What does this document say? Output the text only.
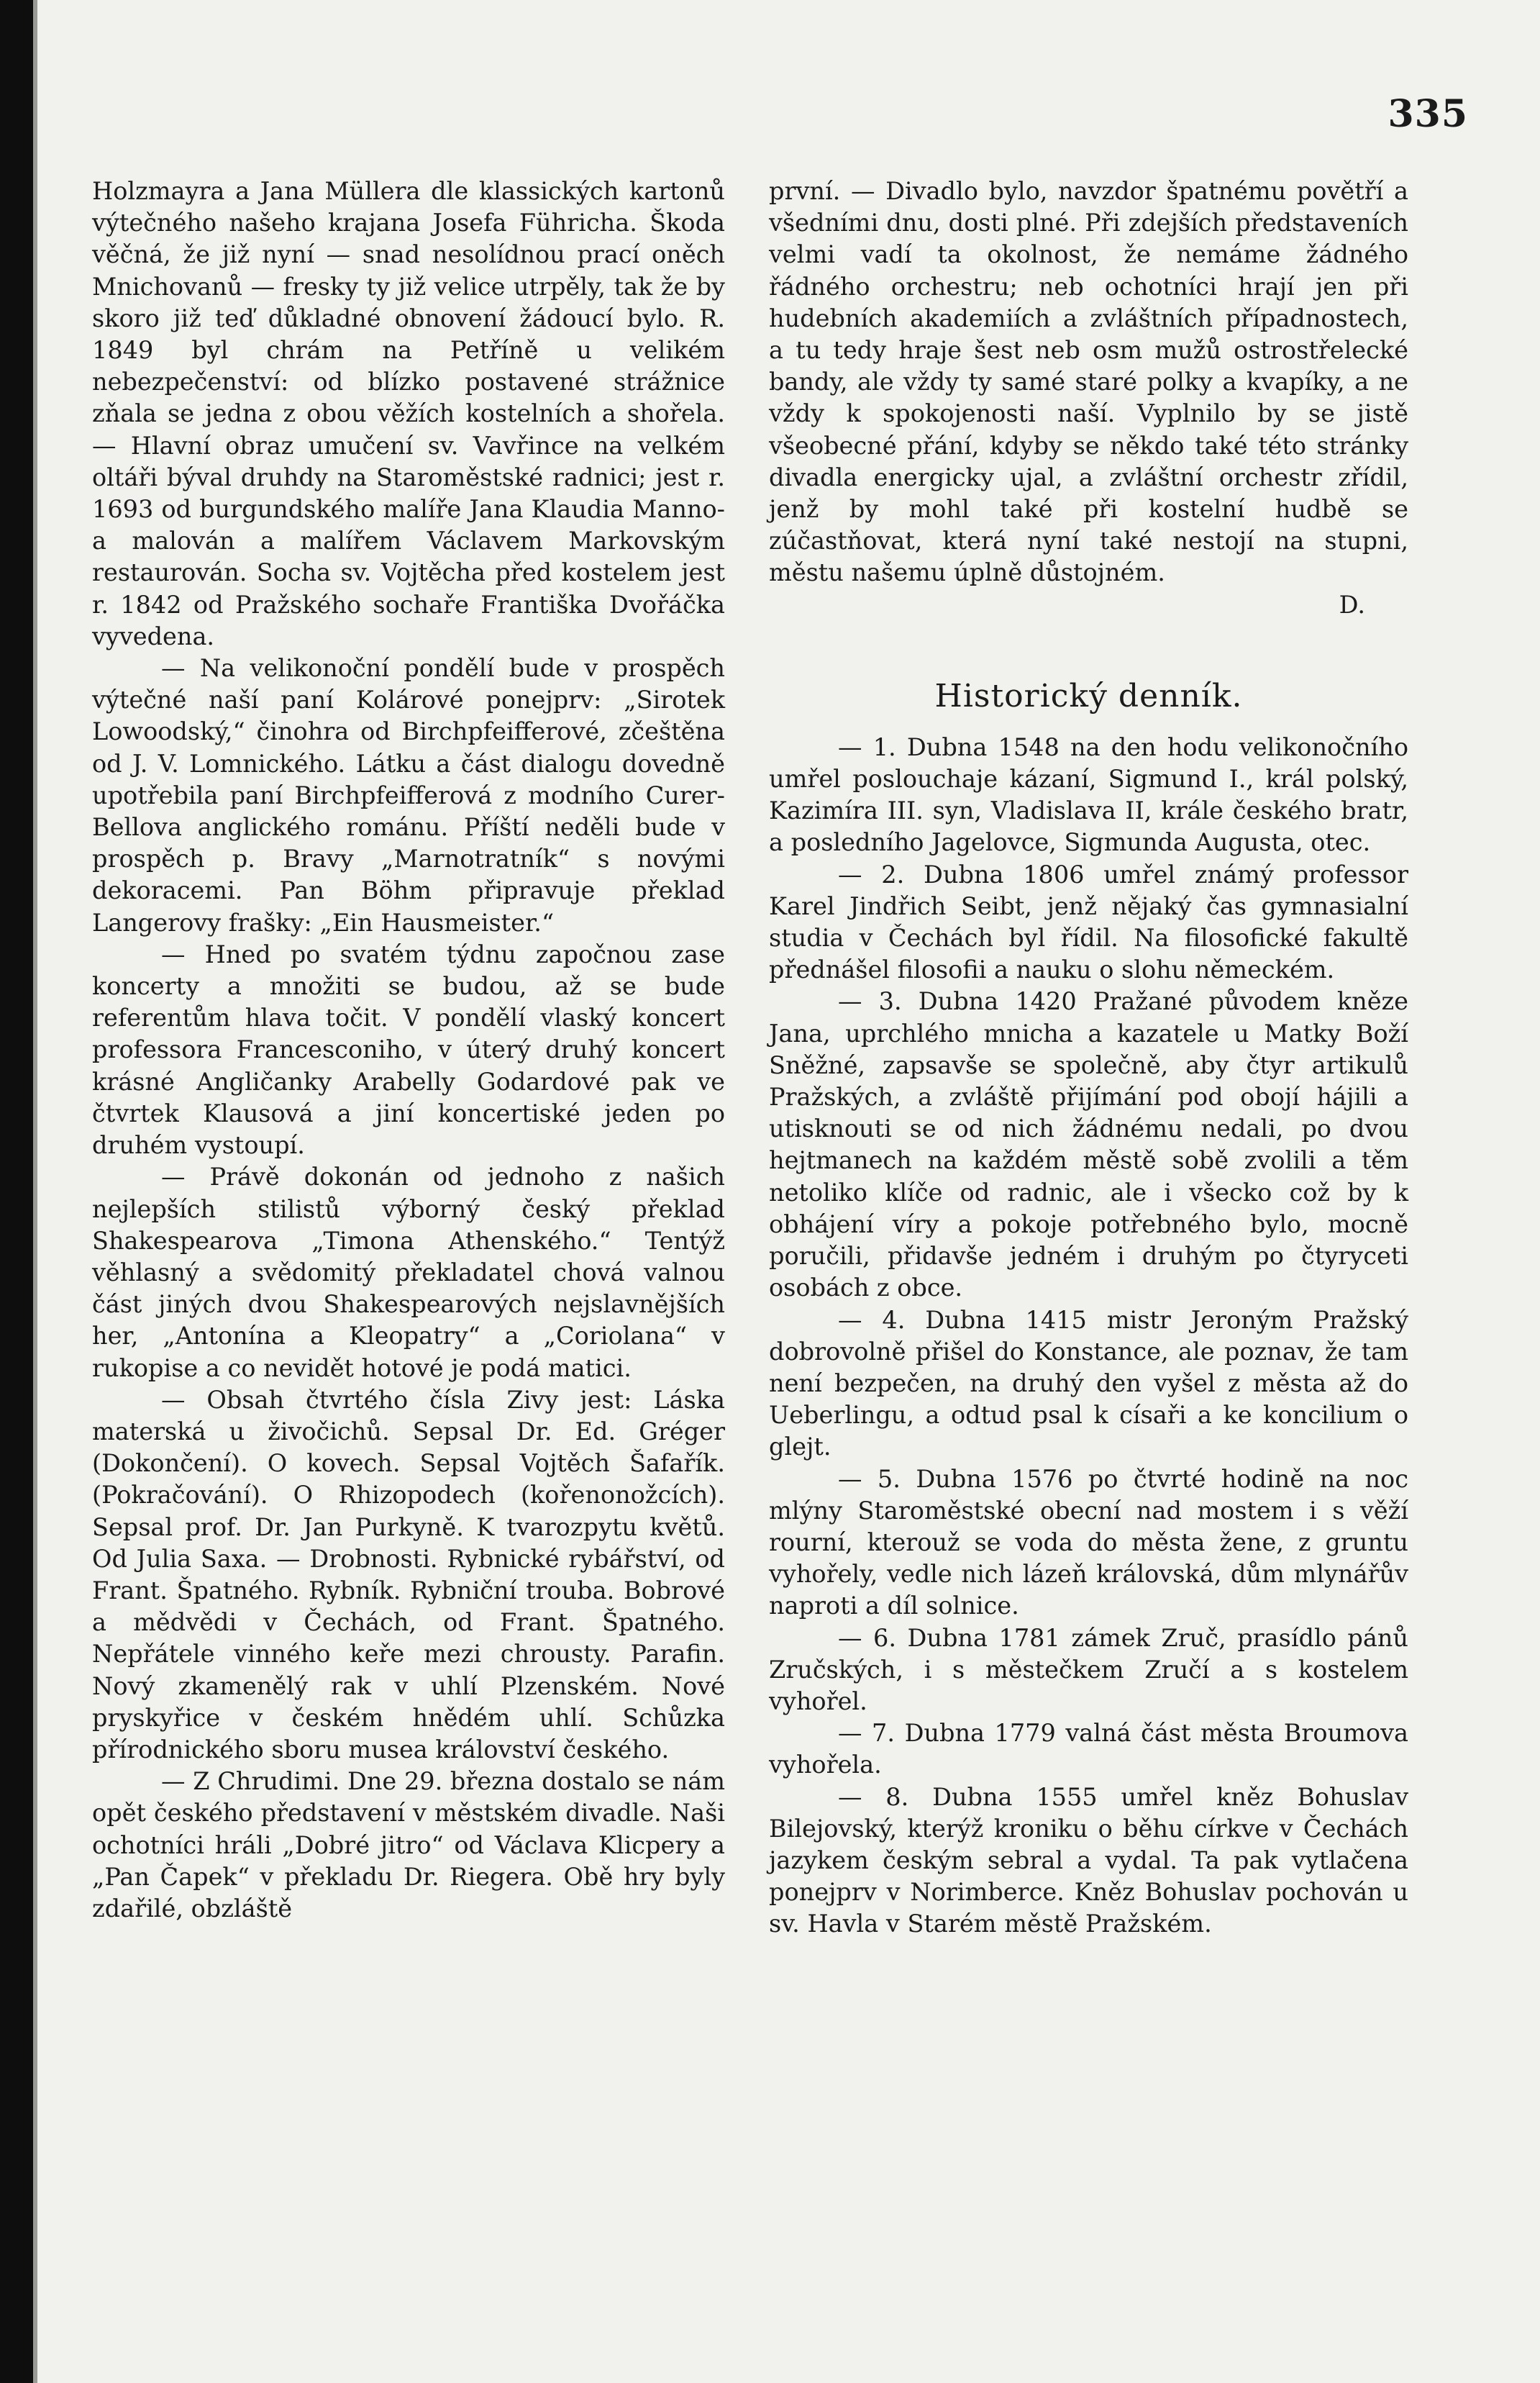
335

Holzmayra a Jana Müllera dle klassických kartonů výtečného našeho krajana Josefa Führicha. Škoda věčná, že již nyní — snad nesolídnou prací oněch Mnichovanů — fresky ty již velice utrpěly, tak že by skoro již teď důkladné obnovení žádoucí bylo. R. 1849 byl chrám na Petříně u velikém nebezpečenství: od blízko postavené strážnice zňala se jedna z obou věžích kostelních a shořela. — Hlavní obraz umučení sv. Vavřince na velkém oltáři býval druhdy na Staroměstské radnici; jest r. 1693 od burgundského malíře Jana Klaudia Manno-a malován a malířem Václavem Markovským restaurován. Socha sv. Vojtěcha před kostelem jest r. 1842 od Pražského sochaře Františka Dvořáčka vyvedena.

— Na velikonoční pondělí bude v prospěch výtečné naší paní Kolárové ponejprv: „Sirotek Lowoodský,“ činohra od Birchpfeifferové, zčeštěna od J. V. Lomnického. Látku a část dialogu dovedně upotřebila paní Birchpfeifferová z modního Curer-Bellova anglického románu. Příští neděli bude v prospěch p. Bravy „Marnotratník“ s novými dekoracemi. Pan Böhm připravuje překlad Langerovy frašky: „Ein Hausmeister.“

— Hned po svatém týdnu započnou zase koncerty a množiti se budou, až se bude referentům hlava točit. V pondělí vlaský koncert professora Francesconiho, v úterý druhý koncert krásné Angličanky Arabelly Godardové pak ve čtvrtek Klausová a jiní koncertiské jeden po druhém vystoupí.

— Právě dokonán od jednoho z našich nejlepších stilistů výborný český překlad Shakespearova „Timona Athenského.“ Tentýž věhlasný a svědomitý překladatel chová valnou část jiných dvou Shakespearových nejslavnějších her, „Antonína a Kleopatry“ a „Coriolana“ v rukopise a co nevidět hotové je podá matici.

— Obsah čtvrtého čísla Zivy jest: Láska materská u živočichů. Sepsal Dr. Ed. Gréger (Dokončení). O kovech. Sepsal Vojtěch Šafařík. (Pokračování). O Rhizopodech (kořenonožcích). Sepsal prof. Dr. Jan Purkyně. K tvarozpytu květů. Od Julia Saxa. — Drobnosti. Rybnické rybářství, od Frant. Špatného. Rybník. Rybniční trouba. Bobrové a mědvědi v Čechách, od Frant. Špatného. Nepřátele vinného keře mezi chrousty. Parafin. Nový zkamenělý rak v uhlí Plzenském. Nové pryskyřice v českém hnědém uhlí. Schůzka přírodnického sboru musea království českého.

— Z Chrudimi. Dne 29. března dostalo se nám opět českého představení v městském divadle. Naši ochotníci hráli „Dobré jitro“ od Václava Klicpery a „Pan Čapek“ v překladu Dr. Riegera. Obě hry byly zdařilé, obzláště

první. — Divadlo bylo, navzdor špatnému povětří a všedními dnu, dosti plné. Při zdejších představeních velmi vadí ta okolnost, že nemáme žádného řádného orchestru; neb ochotníci hrají jen při hudebních akademiích a zvláštních případnostech, a tu tedy hraje šest neb osm mužů ostrostřelecké bandy, ale vždy ty samé staré polky a kvapíky, a ne vždy k spokojenosti naší. Vyplnilo by se jistě všeobecné přání, kdyby se někdo také této stránky divadla energicky ujal, a zvláštní orchestr zřídil, jenž by mohl také při kostelní hudbě se zúčastňovat, která nyní také nestojí na stupni, městu našemu úplně důstojném.

D.

Historický denník.

— 1. Dubna 1548 na den hodu velikonočního umřel poslouchaje kázaní, Sigmund I., král polský, Kazimíra III. syn, Vladislava II, krále českého bratr, a posledního Jagelovce, Sigmunda Augusta, otec.

— 2. Dubna 1806 umřel známý professor Karel Jindřich Seibt, jenž nějaký čas gymnasialní studia v Čechách byl řídil. Na filosofické fakultě přednášel filosofii a nauku o slohu německém.

— 3. Dubna 1420 Pražané původem kněze Jana, uprchlého mnicha a kazatele u Matky Boží Sněžné, zapsavše se společně, aby čtyr artikulů Pražských, a zvláště přijímání pod obojí hájili a utisknouti se od nich žádnému nedali, po dvou hejtmanech na každém městě sobě zvolili a těm netoliko klíče od radnic, ale i všecko což by k obhájení víry a pokoje potřebného bylo, mocně poručili, přidavše jedném i druhým po čtyryceti osobách z obce.

— 4. Dubna 1415 mistr Jeroným Pražský dobrovolně přišel do Konstance, ale poznav, že tam není bezpečen, na druhý den vyšel z města až do Ueberlingu, a odtud psal k císaři a ke koncilium o glejt.

— 5. Dubna 1576 po čtvrté hodině na noc mlýny Staroměstské obecní nad mostem i s věží rourní, kterouž se voda do města žene, z gruntu vyhořely, vedle nich lázeň královská, dům mlynářův naproti a díl solnice.

— 6. Dubna 1781 zámek Zruč, prasídlo pánů Zručských, i s městečkem Zručí a s kostelem vyhořel.

— 7. Dubna 1779 valná část města Broumova vyhořela.

— 8. Dubna 1555 umřel kněz Bohuslav Bilejovský, kterýž kroniku o běhu církve v Čechách jazykem českým sebral a vydal. Ta pak vytlačena ponejprv v Norimberce. Kněz Bohuslav pochován u sv. Havla v Starém městě Pražském.
